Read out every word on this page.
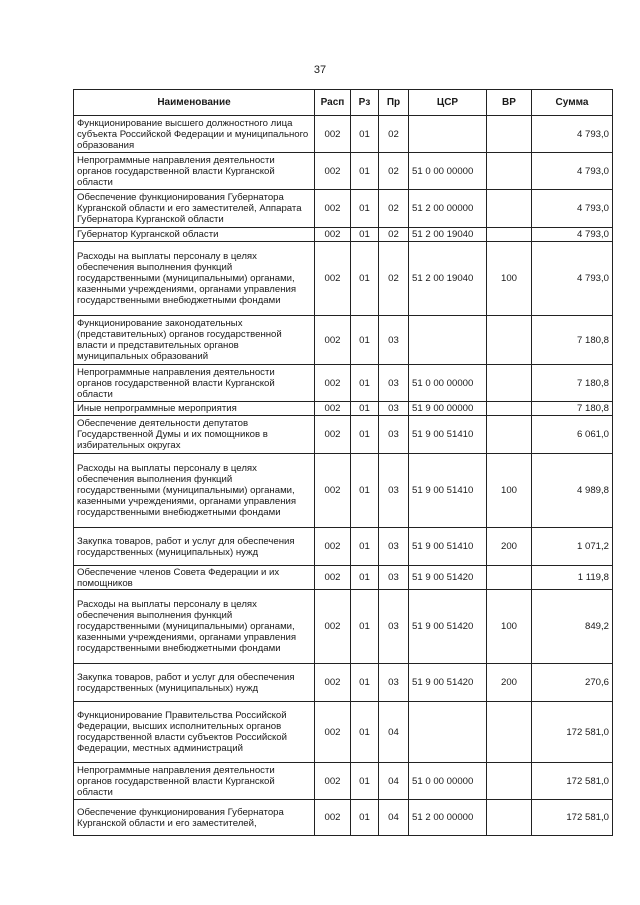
37
Наименование	Расп	Рз	Пр	ЦСР	ВР	Сумма
Функционирование высшего должностного лица субъекта Российской Федерации и муниципального образования	002	01	02			4 793,0
Непрограммные направления деятельности органов государственной власти Курганской области	002	01	02	51 0 00 00000		4 793,0
Обеспечение функционирования Губернатора Курганской области и его заместителей, Аппарата Губернатора Курганской области	002	01	02	51 2 00 00000		4 793,0
Губернатор Курганской области	002	01	02	51 2 00 19040		4 793,0
Расходы на выплаты персоналу в целях обеспечения выполнения функций государственными (муниципальными) органами, казенными учреждениями, органами управления государственными внебюджетными фондами	002	01	02	51 2 00 19040	100	4 793,0
Функционирование законодательных (представительных) органов государственной власти и представительных органов муниципальных образований	002	01	03			7 180,8
Непрограммные направления деятельности органов государственной власти Курганской области	002	01	03	51 0 00 00000		7 180,8
Иные непрограммные мероприятия	002	01	03	51 9 00 00000		7 180,8
Обеспечение деятельности депутатов Государственной Думы и их помощников в избирательных округах	002	01	03	51 9 00 51410		6 061,0
Расходы на выплаты персоналу в целях обеспечения выполнения функций государственными (муниципальными) органами, казенными учреждениями, органами управления государственными внебюджетными фондами	002	01	03	51 9 00 51410	100	4 989,8
Закупка товаров, работ и услуг для обеспечения государственных (муниципальных) нужд	002	01	03	51 9 00 51410	200	1 071,2
Обеспечение членов Совета Федерации и их помощников	002	01	03	51 9 00 51420		1 119,8
Расходы на выплаты персоналу в целях обеспечения выполнения функций государственными (муниципальными) органами, казенными учреждениями, органами управления государственными внебюджетными фондами	002	01	03	51 9 00 51420	100	849,2
Закупка товаров, работ и услуг для обеспечения государственных (муниципальных) нужд	002	01	03	51 9 00 51420	200	270,6
Функционирование Правительства Российской Федерации, высших исполнительных органов государственной власти субъектов Российской Федерации, местных администраций	002	01	04			172 581,0
Непрограммные направления деятельности органов государственной власти Курганской области	002	01	04	51 0 00 00000		172 581,0
Обеспечение функционирования Губернатора Курганской области и его заместителей,	002	01	04	51 2 00 00000		172 581,0
